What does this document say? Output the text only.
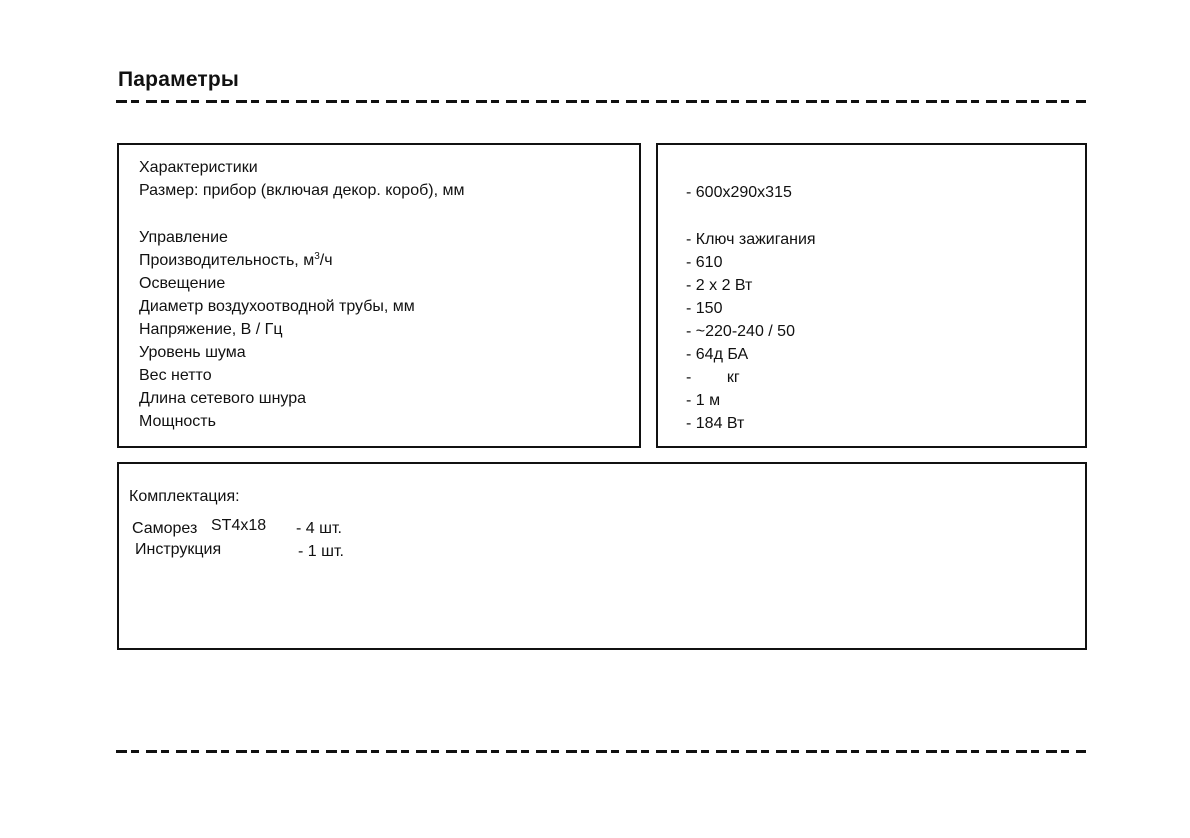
Параметры
Характеристики
Размер: прибор (включая декор. короб), мм
Управление
Производительность, $м^3/ч$
Освещение
Диаметр воздухоотводной трубы, мм
Напряжение, В / Гц
Уровень шума
Вес нетто
Длина сетевого шнура
Мощность
- 600x290x315
- Ключ зажигания
- 610
- 2 x 2 Вт
- 150
- ~220-240 / 50
- 64д БА
-        кг
- 1 м
- 184 Вт
Комплектация:
Саморез ST4x18 - 4 шт.
Инструкция	- 1 шт.
